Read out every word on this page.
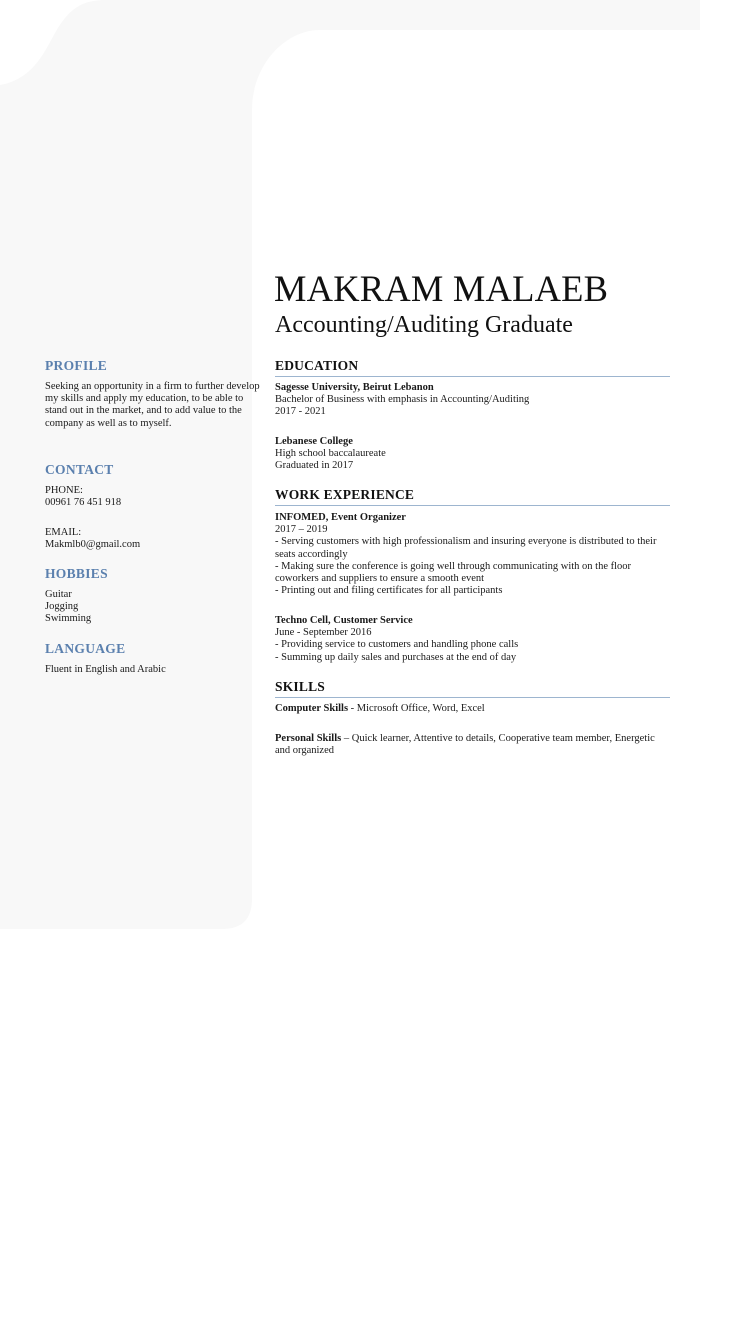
MAKRAM MALAEB
Accounting/Auditing Graduate
PROFILE
Seeking an opportunity in a firm to further develop my skills and apply my education, to be able to stand out in the market, and to add value to the company as well as to myself.
CONTACT
PHONE:
00961 76 451 918
EMAIL:
Makmlb0@gmail.com
HOBBIES
Guitar
Jogging
Swimming
LANGUAGE
Fluent in English and Arabic
EDUCATION
Sagesse University, Beirut Lebanon
Bachelor of Business with emphasis in Accounting/Auditing
2017 - 2021
Lebanese College
High school baccalaureate
Graduated in 2017
WORK EXPERIENCE
INFOMED, Event Organizer
2017 – 2019
- Serving customers with high professionalism and insuring everyone is distributed to their seats accordingly
- Making sure the conference is going well through communicating with on the floor coworkers and suppliers to ensure a smooth event
- Printing out and filing certificates for all participants
Techno Cell, Customer Service
June - September 2016
- Providing service to customers and handling phone calls
- Summing up daily sales and purchases at the end of day
SKILLS
Computer Skills - Microsoft Office, Word, Excel
Personal Skills – Quick learner, Attentive to details, Cooperative team member, Energetic and organized
